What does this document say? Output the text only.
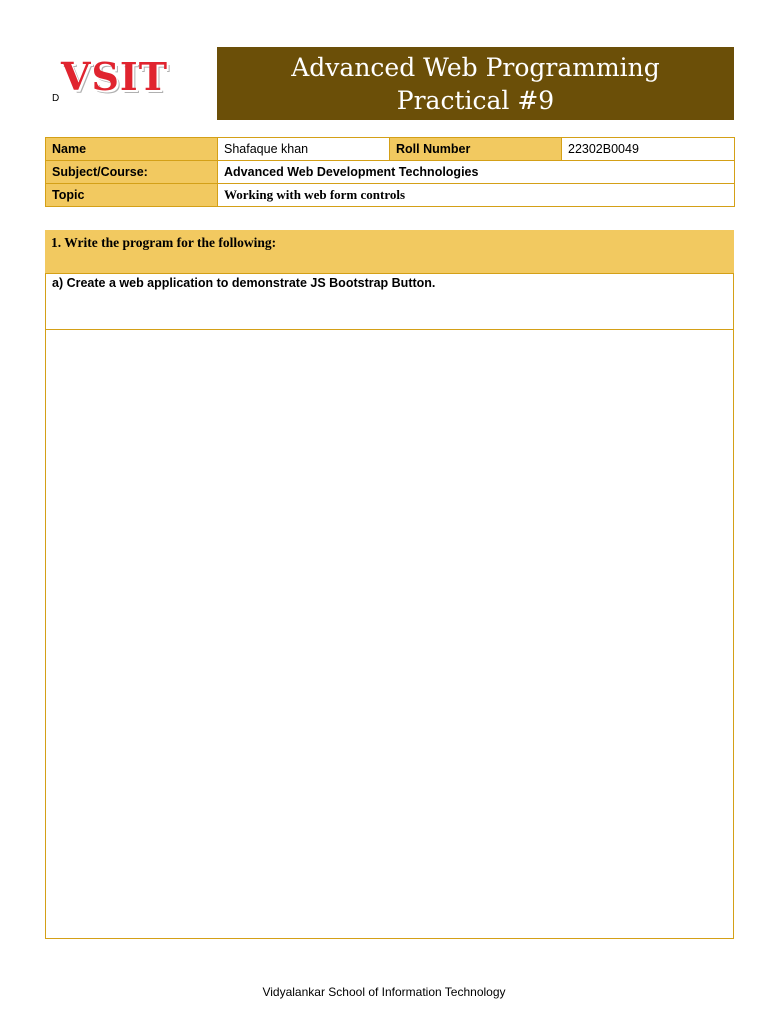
D VSIT	Advanced Web Programming
Practical #9
Name	Shafaque khan	Roll Number	22302B0049
Subject/Course:	Advanced Web Development Technologies		
Topic	Working with web form controls		
1. Write the program for the following:
a) Create a web application to demonstrate JS Bootstrap Button.
Vidyalankar School of Information Technology
